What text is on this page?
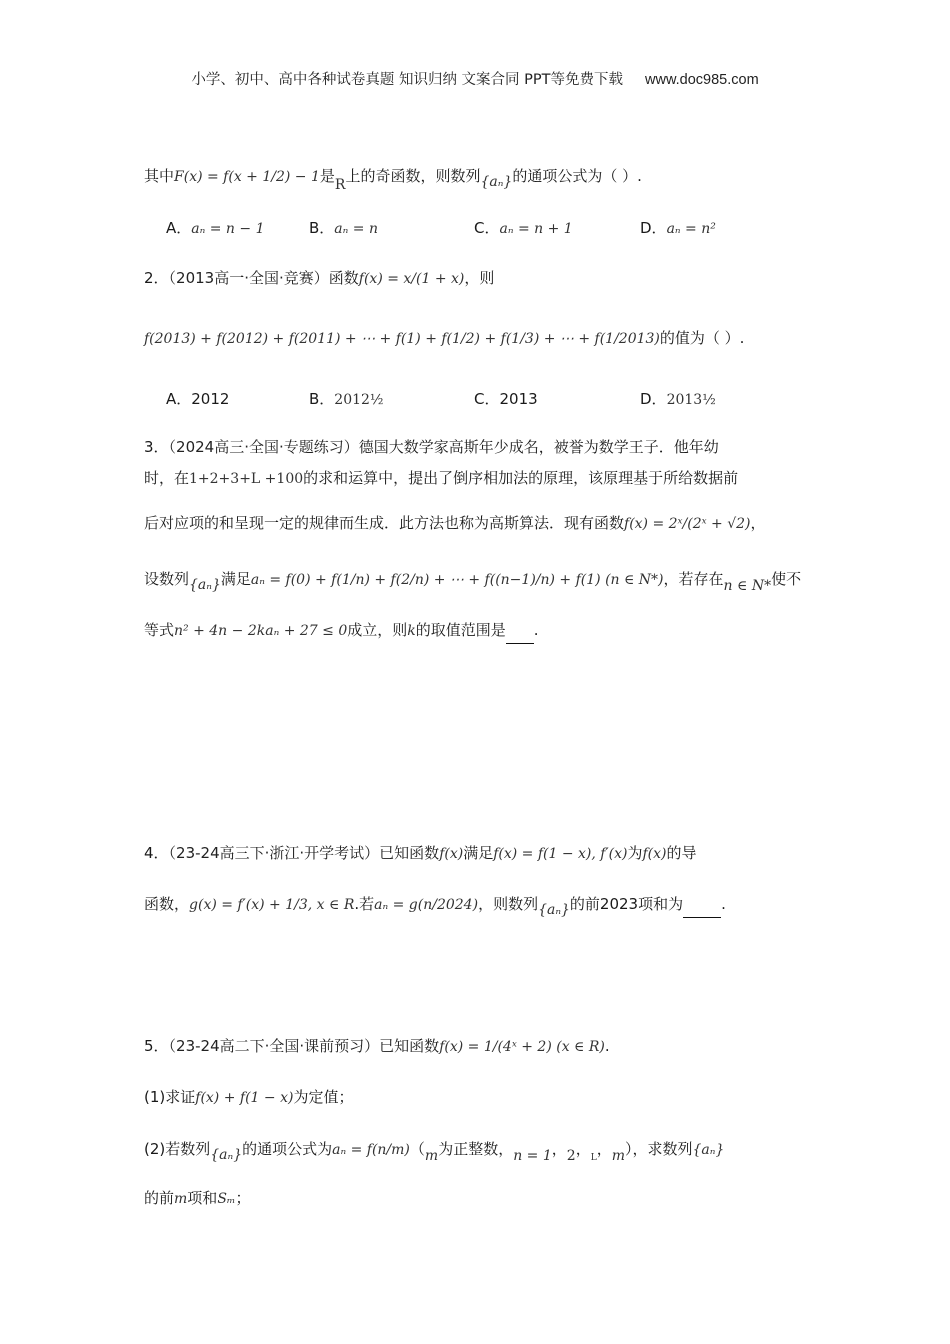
小学、初中、高中各种试卷真题 知识归纳 文案合同 PPT等免费下载 www.doc985.com
其中F(x) = f(x + 1/2) − 1是R上的奇函数，则数列{aₙ}的通项公式为（ ）.
A．aₙ = n − 1	B．aₙ = n	C．aₙ = n + 1	D．aₙ = n²
2．（2013高一·全国·竞赛）函数f(x) = x/(1 + x)，则
f(2013) + f(2012) + f(2011) + ⋯ + f(1) + f(1/2) + f(1/3) + ⋯ + f(1/2013)的值为（ ）.
A．2012	B．2012½	C．2013	D．2013½
3．（2024高三·全国·专题练习）德国大数学家高斯年少成名，被誉为数学王子．他年幼
时，在1+2+3+L +100的求和运算中，提出了倒序相加法的原理，该原理基于所给数据前
后对应项的和呈现一定的规律而生成．此方法也称为高斯算法．现有函数f(x) = 2ˣ/(2ˣ + √2)，
设数列{aₙ}满足aₙ = f(0) + f(1/n) + f(2/n) + ⋯ + f((n−1)/n) + f(1) (n ∈ N*)，若存在n ∈ N*使不
等式n² + 4n − 2kaₙ + 27 ≤ 0成立，则k的取值范围是 .
4．（23-24高三下·浙江·开学考试）已知函数f(x)满足f(x) = f(1 − x), f′(x)为f(x)的导
函数，g(x) = f′(x) + 1/3, x ∈ R.若aₙ = g(n/2024)，则数列{aₙ}的前2023项和为	.
5．（23-24高二下·全国·课前预习）已知函数f(x) = 1/(4ˣ + 2) (x ∈ R).
(1)求证f(x) + f(1 − x)为定值；
(2)若数列{aₙ}的通项公式为aₙ = f(n/m)（m为正整数，n = 1，2，$_L$，m），求数列{aₙ}
的前m项和Sₘ；
